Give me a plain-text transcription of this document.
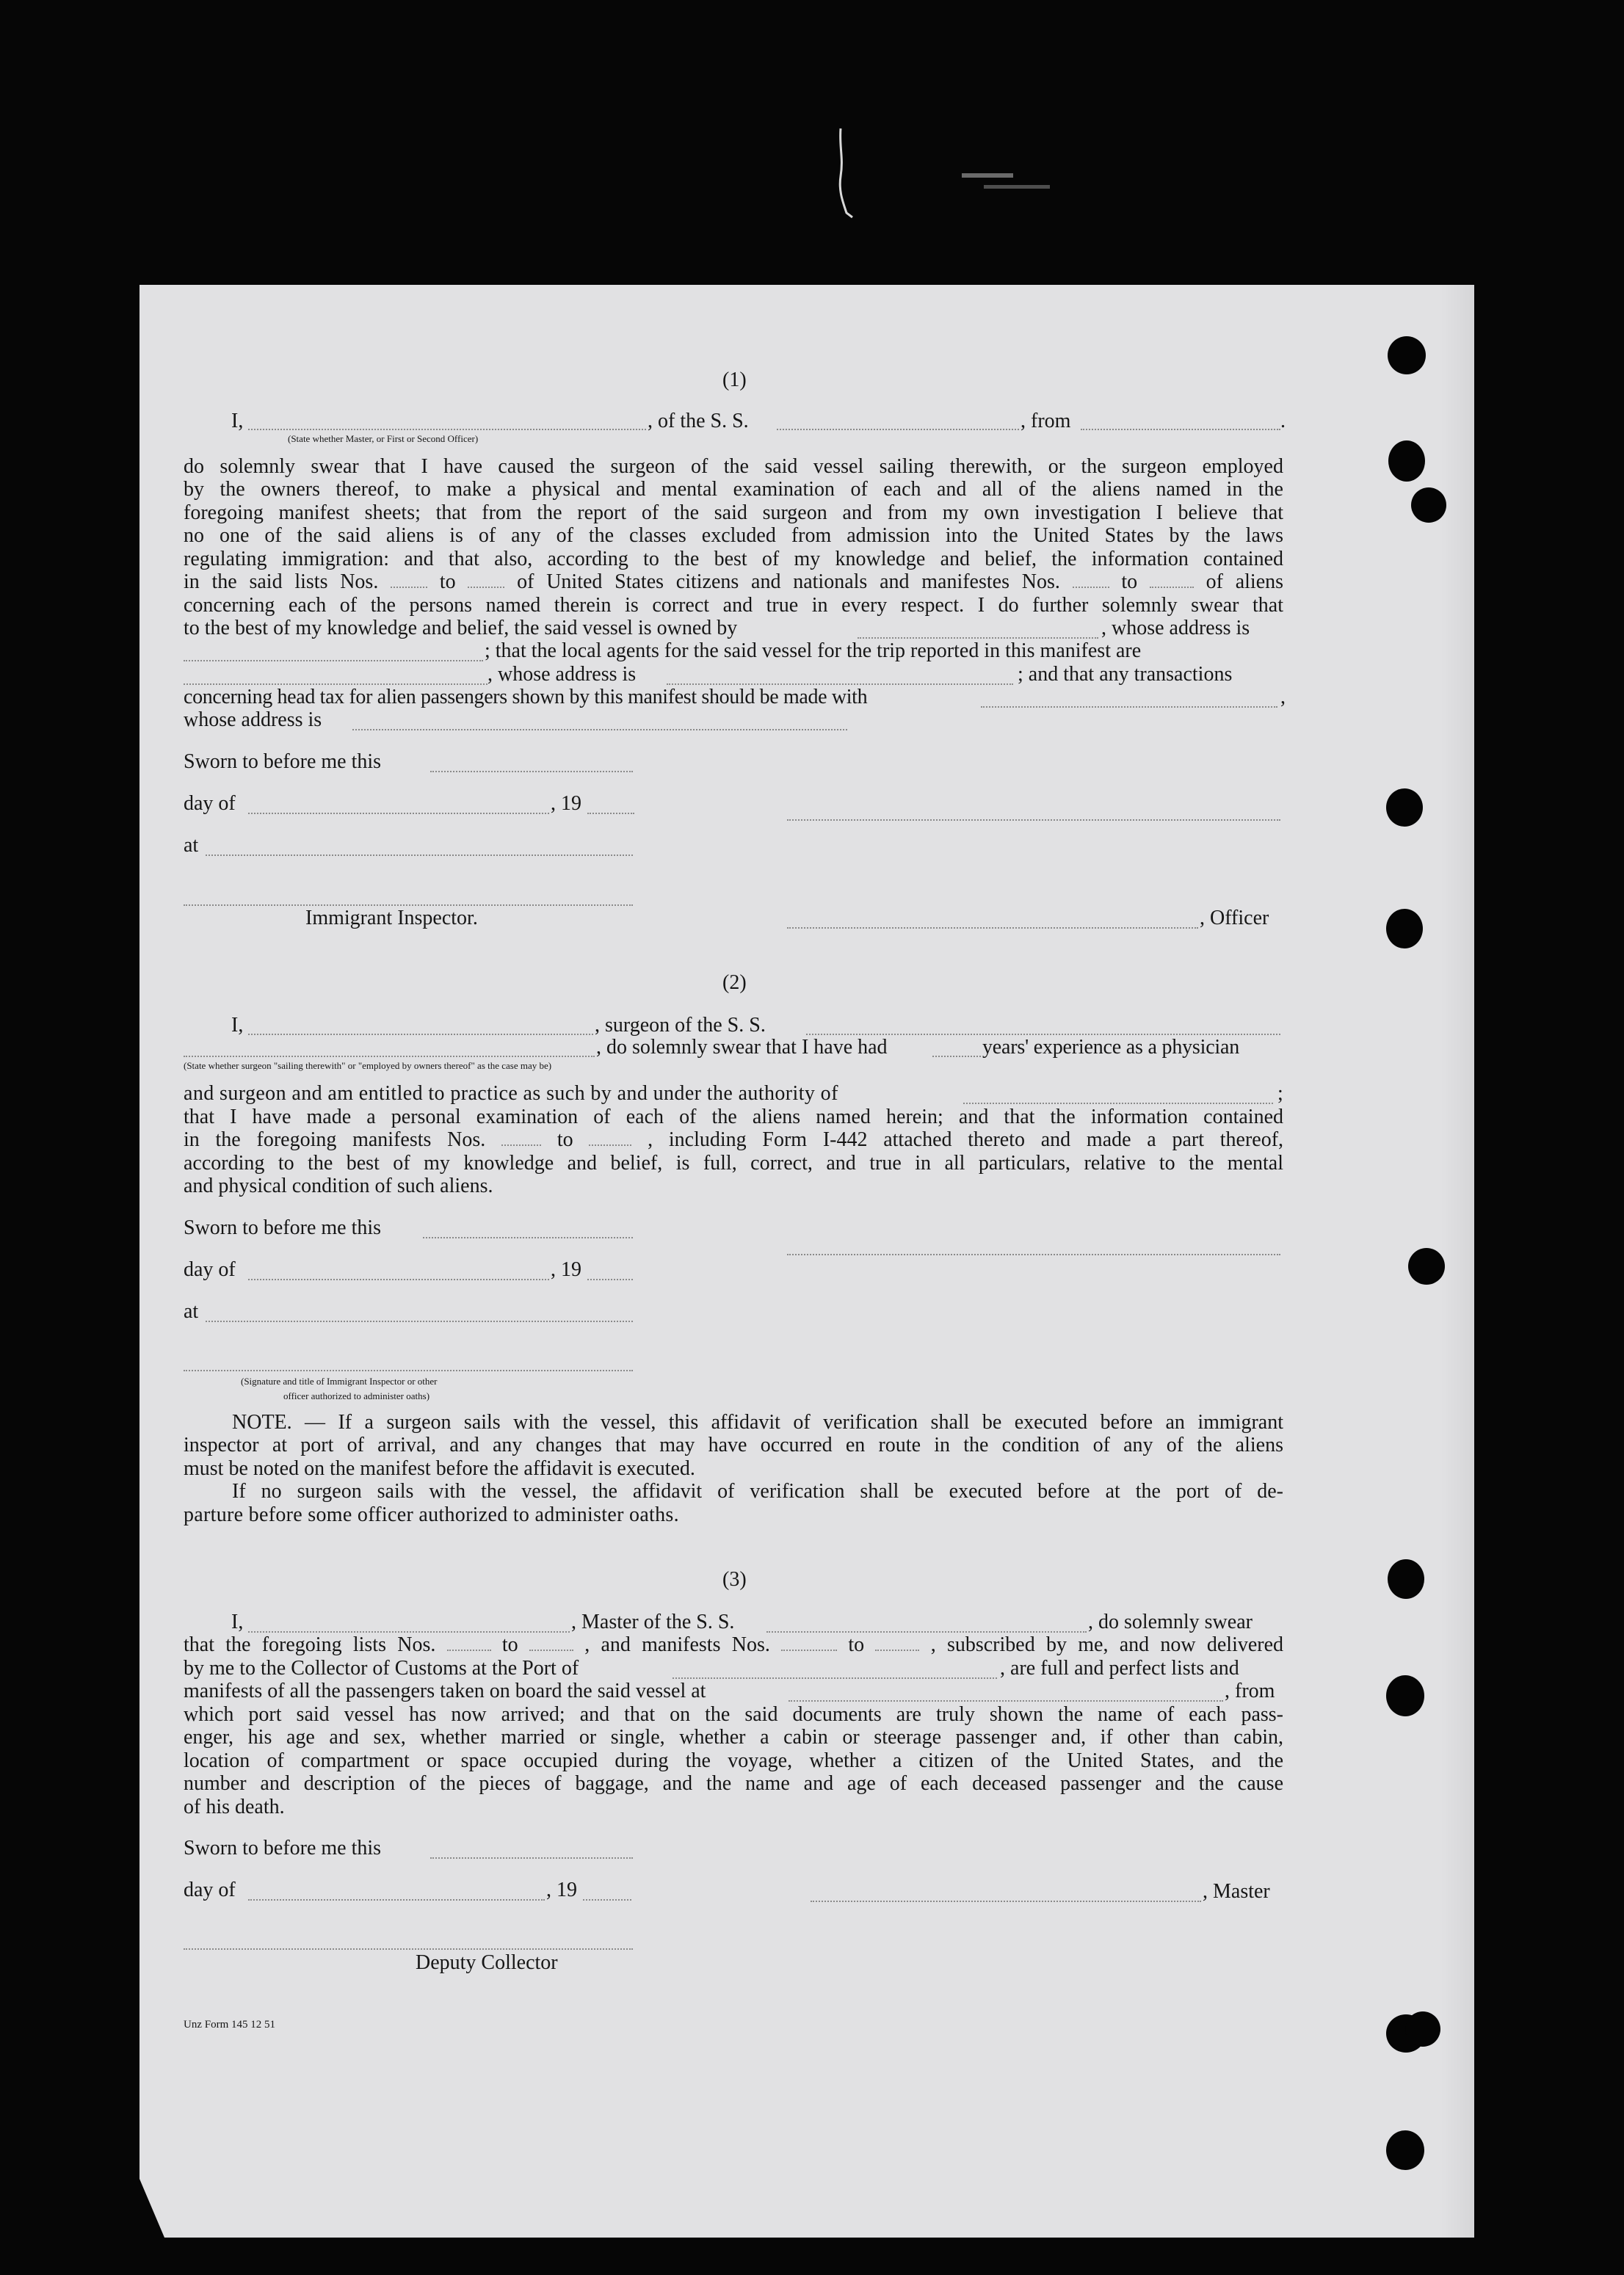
(1)
I,	, of the S. S.	, from	.
(State whether Master, or First or Second Officer)
do solemnly swear that I have caused the surgeon of the said vessel sailing therewith, or the surgeon employed
by the owners thereof, to make a physical and mental examination of each and all of the aliens named in the
foregoing manifest sheets; that from the report of the said surgeon and from my own investigation I believe that
no one of the said aliens is of any of the classes excluded from admission into the United States by the laws
regulating immigration: and that also, according to the best of my knowledge and belief, the information contained
in the said lists Nos.	to	of United States citizens and nationals and manifestes Nos.	to	of aliens
concerning each of the persons named therein is correct and true in every respect. I do further solemnly swear that
to the best of my knowledge and belief, the said vessel is owned by	, whose address is
; that the local agents for the said vessel for the trip reported in this manifest are
, whose address is	; and that any transactions
concerning head tax for alien passengers shown by this manifest should be made with	,
whose address is
Sworn to before me this
day of	, 19
at
Immigrant Inspector.	, Officer
(2)
I,	, surgeon of the S. S.
, do solemnly swear that I have had	years' experience as a physician
(State whether surgeon "sailing therewith" or "employed by owners thereof" as the case may be)
and surgeon and am entitled to practice as such by and under the authority of	;
that I have made a personal examination of each of the aliens named herein; and that the information contained
in the foregoing manifests Nos.	to	, including Form I-442 attached thereto and made a part thereof,
according to the best of my knowledge and belief, is full, correct, and true in all particulars, relative to the mental
and physical condition of such aliens.
Sworn to before me this
day of	, 19
at
(Signature and title of Immigrant Inspector or other
officer authorized to administer oaths)
NOTE. — If a surgeon sails with the vessel, this affidavit of verification shall be executed before an immigrant
inspector at port of arrival, and any changes that may have occurred en route in the condition of any of the aliens
must be noted on the manifest before the affidavit is executed.
If no surgeon sails with the vessel, the affidavit of verification shall be executed before at the port of de-
parture before some officer authorized to administer oaths.
(3)
I,	, Master of the S. S.	, do solemnly swear
that the foregoing lists Nos.	to	, and manifests Nos.	to	, subscribed by me, and now delivered
by me to the Collector of Customs at the Port of	, are full and perfect lists and
manifests of all the passengers taken on board the said vessel at	, from
which port said vessel has now arrived; and that on the said documents are truly shown the name of each pass-
enger, his age and sex, whether married or single, whether a cabin or steerage passenger and, if other than cabin,
location of compartment or space occupied during the voyage, whether a citizen of the United States, and the
number and description of the pieces of baggage, and the name and age of each deceased passenger and the cause
of his death.
Sworn to before me this
day of	, 19	, Master
Deputy Collector
Unz Form 145 12 51
